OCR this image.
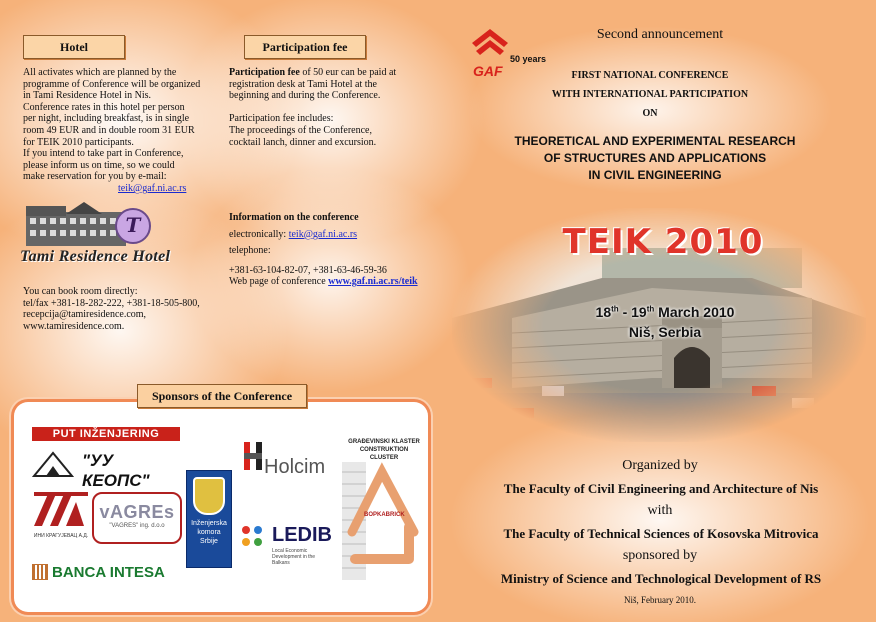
Hotel

All activates which are planned by the

programme of Conference will be organized

in Tami Residence Hotel in Nis.

Conference rates in this hotel per person

per night, including breakfast, is in single

room 49 EUR and in double room 31 EUR

for TEIK 2010 participants.

If you intend to take part in Conference,

please inform us on time, so we could

make reservation for you by e-mail:

teik@gaf.ni.ac.rs

T
Tami Residence Hotel

You can book room directly:

tel/fax +381-18-282-222, +381-18-505-800,

recepcija@tamiresidence.com,

www.tamiresidence.com.

Participation fee

Participation fee of 50 eur can be paid at

registration desk at Tami Hotel at the

beginning and during the Conference.

Participation fee includes:

The proceedings of the Conference,

cocktail lanch, dinner and excursion.

Information on the conference

electronically: teik@gaf.ni.ac.rs

telephone:

+381-63-104-82-07, +381-63-46-59-36

Web page of conference www.gaf.ni.ac.rs/teik

Sponsors of the Conference
PUT INŽENJERING
"УУ КЕОПС"
ИНИ КРАГУЈЕВАЦ А.Д.
vAGREs
"VAGRES" ing. d.o.o
BANCA INTESA
Inženjerska
komora
Srbije
Holcim
LEDIB
Local Economic Development in the Balkans
GRAĐEVINSKI KLASTER
CONSTRUKTION CLUSTER
BOPKABRICK
Second announcement
50 years
GAF	FIRST NATIONAL CONFERENCE
WITH INTERNATIONAL PARTICIPATION
ON
THEORETICAL AND EXPERIMENTAL RESEARCH
OF STRUCTURES AND APPLICATIONS
IN CIVIL ENGINEERING
TEIK 2010
18th - 19th March 2010
Niš, Serbia
Organized by
The Faculty of Civil Engineering and Architecture of Nis
with
The Faculty of Technical Sciences of Kosovska Mitrovica
sponsored by
Ministry of Science and Technological Development of RS
Niš, February 2010.
